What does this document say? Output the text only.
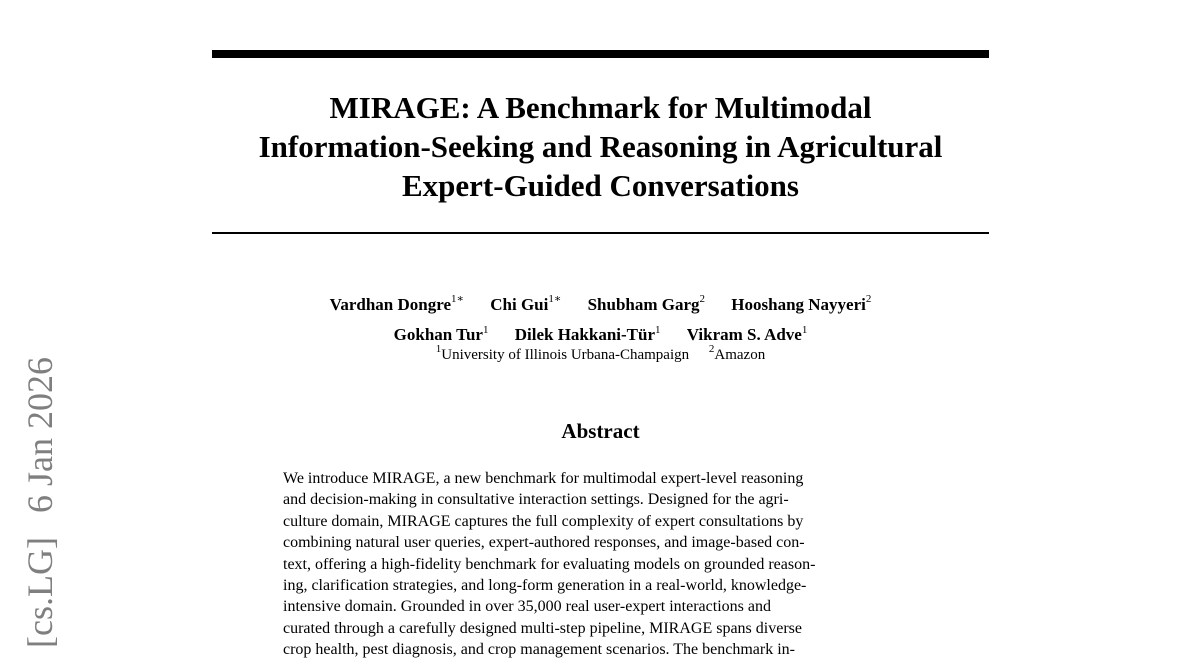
MIRAGE: A Benchmark for Multimodal
Information-Seeking and Reasoning in Agricultural
Expert-Guided Conversations
Vardhan Dongre$^{1∗}$ Chi Gui$^{1∗}$ Shubham Garg$^2$ Hooshang Nayyeri$^2$
Gokhan Tur$^1$ Dilek Hakkani-Tür$^1$ Vikram S. Adve$^1$
$^1$University of Illinois Urbana-Champaign $^2$Amazon
Abstract
We introduce MIRAGE, a new benchmark for multimodal expert-level reasoning
and decision-making in consultative interaction settings. Designed for the agri-
culture domain, MIRAGE captures the full complexity of expert consultations by
combining natural user queries, expert-authored responses, and image-based con-
text, offering a high-fidelity benchmark for evaluating models on grounded reason-
ing, clarification strategies, and long-form generation in a real-world, knowledge-
intensive domain. Grounded in over 35,000 real user-expert interactions and
curated through a carefully designed multi-step pipeline, MIRAGE spans diverse
crop health, pest diagnosis, and crop management scenarios. The benchmark in-
[cs.LG]6 Jan 2026
